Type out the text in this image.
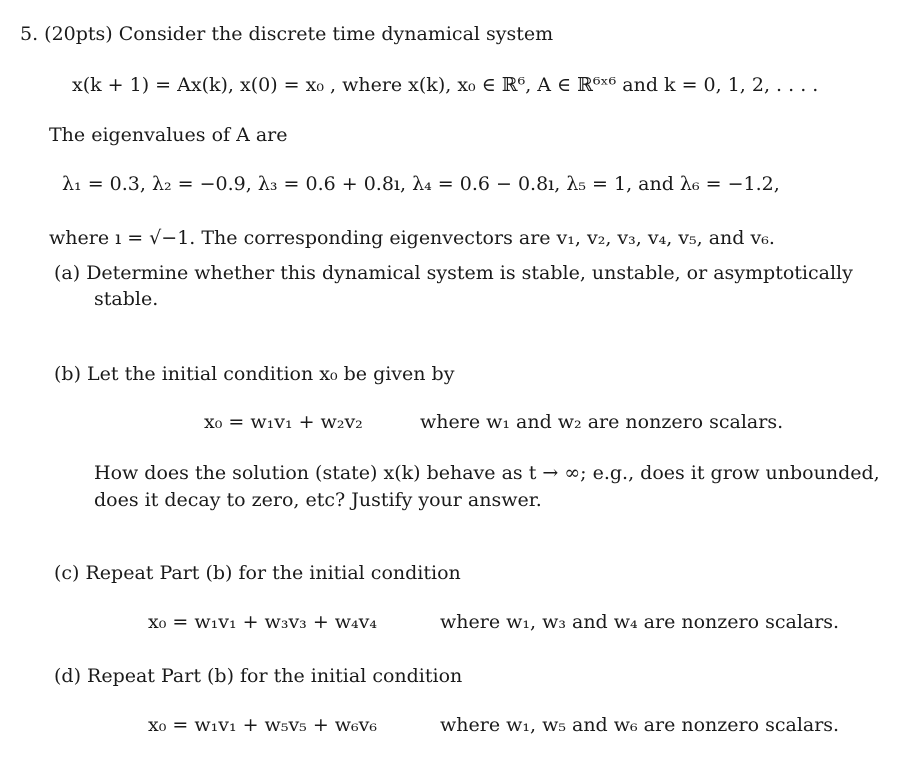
5. (20pts) Consider the discrete time dynamical system
x(k + 1) = Ax(k), x(0) = x₀ , where x(k), x₀ ∈ ℝ⁶, A ∈ ℝ⁶ˣ⁶ and k = 0, 1, 2, . . . .
The eigenvalues of A are
λ₁ = 0.3, λ₂ = −0.9, λ₃ = 0.6 + 0.8ı, λ₄ = 0.6 − 0.8ı, λ₅ = 1, and λ₆ = −1.2,
where ı = √−1. The corresponding eigenvectors are v₁, v₂, v₃, v₄, v₅, and v₆.
(a) Determine whether this dynamical system is stable, unstable, or asymptotically
stable.
(b) Let the initial condition x₀ be given by
x₀ = w₁v₁ + w₂v₂	where w₁ and w₂ are nonzero scalars.
How does the solution (state) x(k) behave as t → ∞; e.g., does it grow unbounded,
does it decay to zero, etc? Justify your answer.
(c) Repeat Part (b) for the initial condition
x₀ = w₁v₁ + w₃v₃ + w₄v₄	where w₁, w₃ and w₄ are nonzero scalars.
(d) Repeat Part (b) for the initial condition
x₀ = w₁v₁ + w₅v₅ + w₆v₆	where w₁, w₅ and w₆ are nonzero scalars.
